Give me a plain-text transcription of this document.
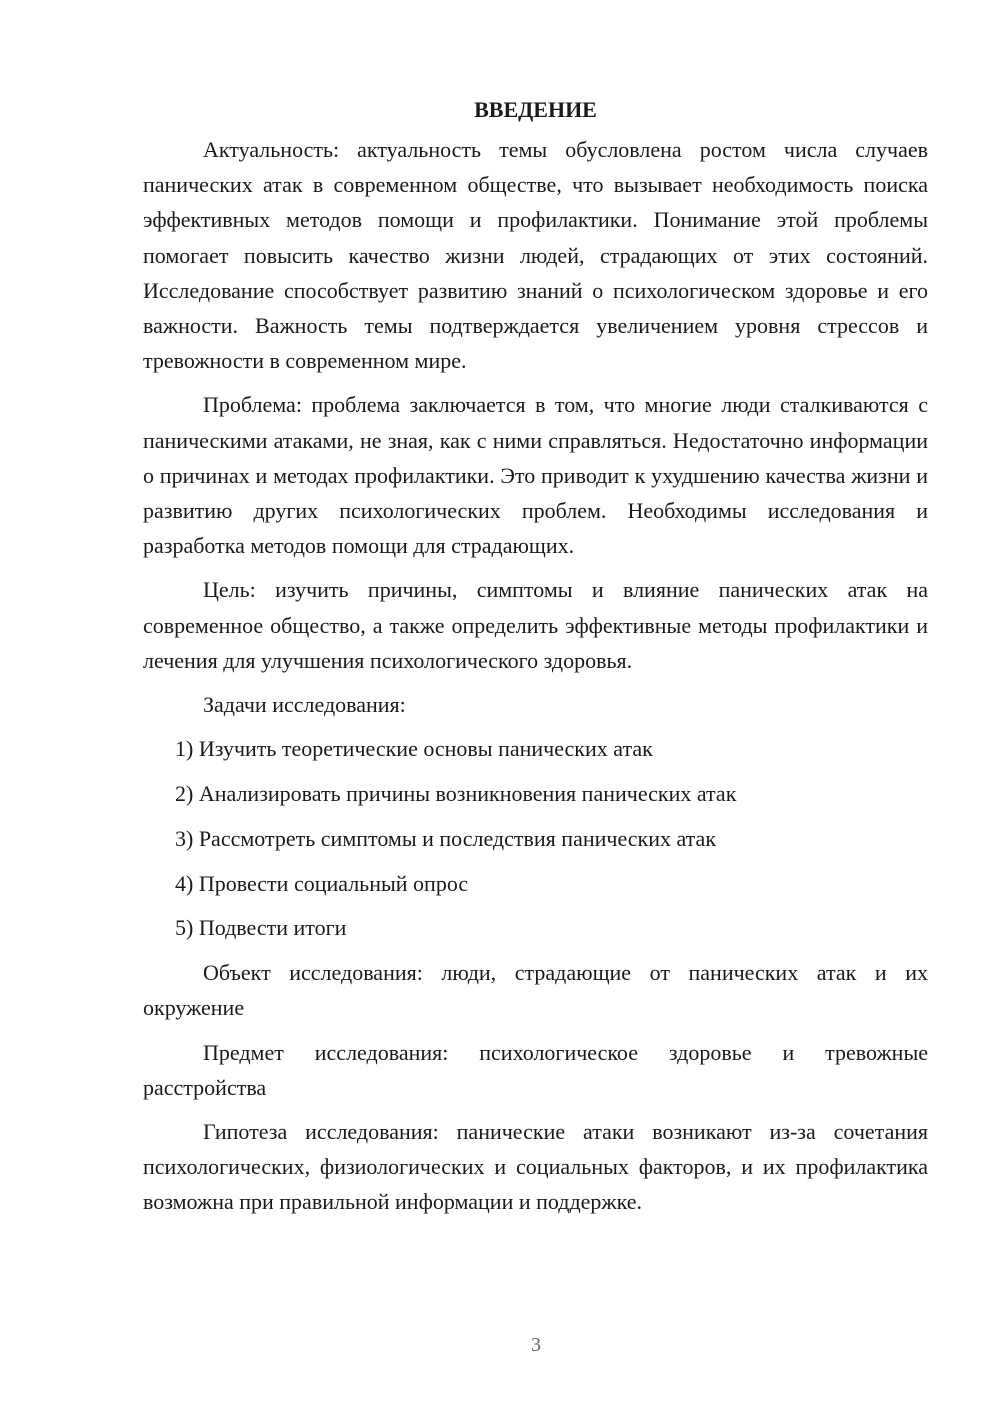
ВВЕДЕНИЕ

Актуальность: актуальность темы обусловлена ростом числа случаев панических атак в современном обществе, что вызывает необходимость поиска эффективных методов помощи и профилактики. Понимание этой проблемы помогает повысить качество жизни людей, страдающих от этих состояний. Исследование способствует развитию знаний о психологическом здоровье и его важности. Важность темы подтверждается увеличением уровня стрессов и тревожности в современном мире.

Проблема: проблема заключается в том, что многие люди сталкиваются с паническими атаками, не зная, как с ними справляться. Недостаточно информации о причинах и методах профилактики. Это приводит к ухудшению качества жизни и развитию других психологических проблем. Необходимы исследования и разработка методов помощи для страдающих.

Цель: изучить причины, симптомы и влияние панических атак на современное общество, а также определить эффективные методы профилактики и лечения для улучшения психологического здоровья.

Задачи исследования:

1) Изучить теоретические основы панических атак
2) Анализировать причины возникновения панических атак
3) Рассмотреть симптомы и последствия панических атак
4) Провести социальный опрос
5) Подвести итоги

Объект исследования: люди, страдающие от панических атак и их окружение

Предмет исследования: психологическое здоровье и тревожные расстройства

Гипотеза исследования: панические атаки возникают из-за сочетания психологических, физиологических и социальных факторов, и их профилактика возможна при правильной информации и поддержке.

3
